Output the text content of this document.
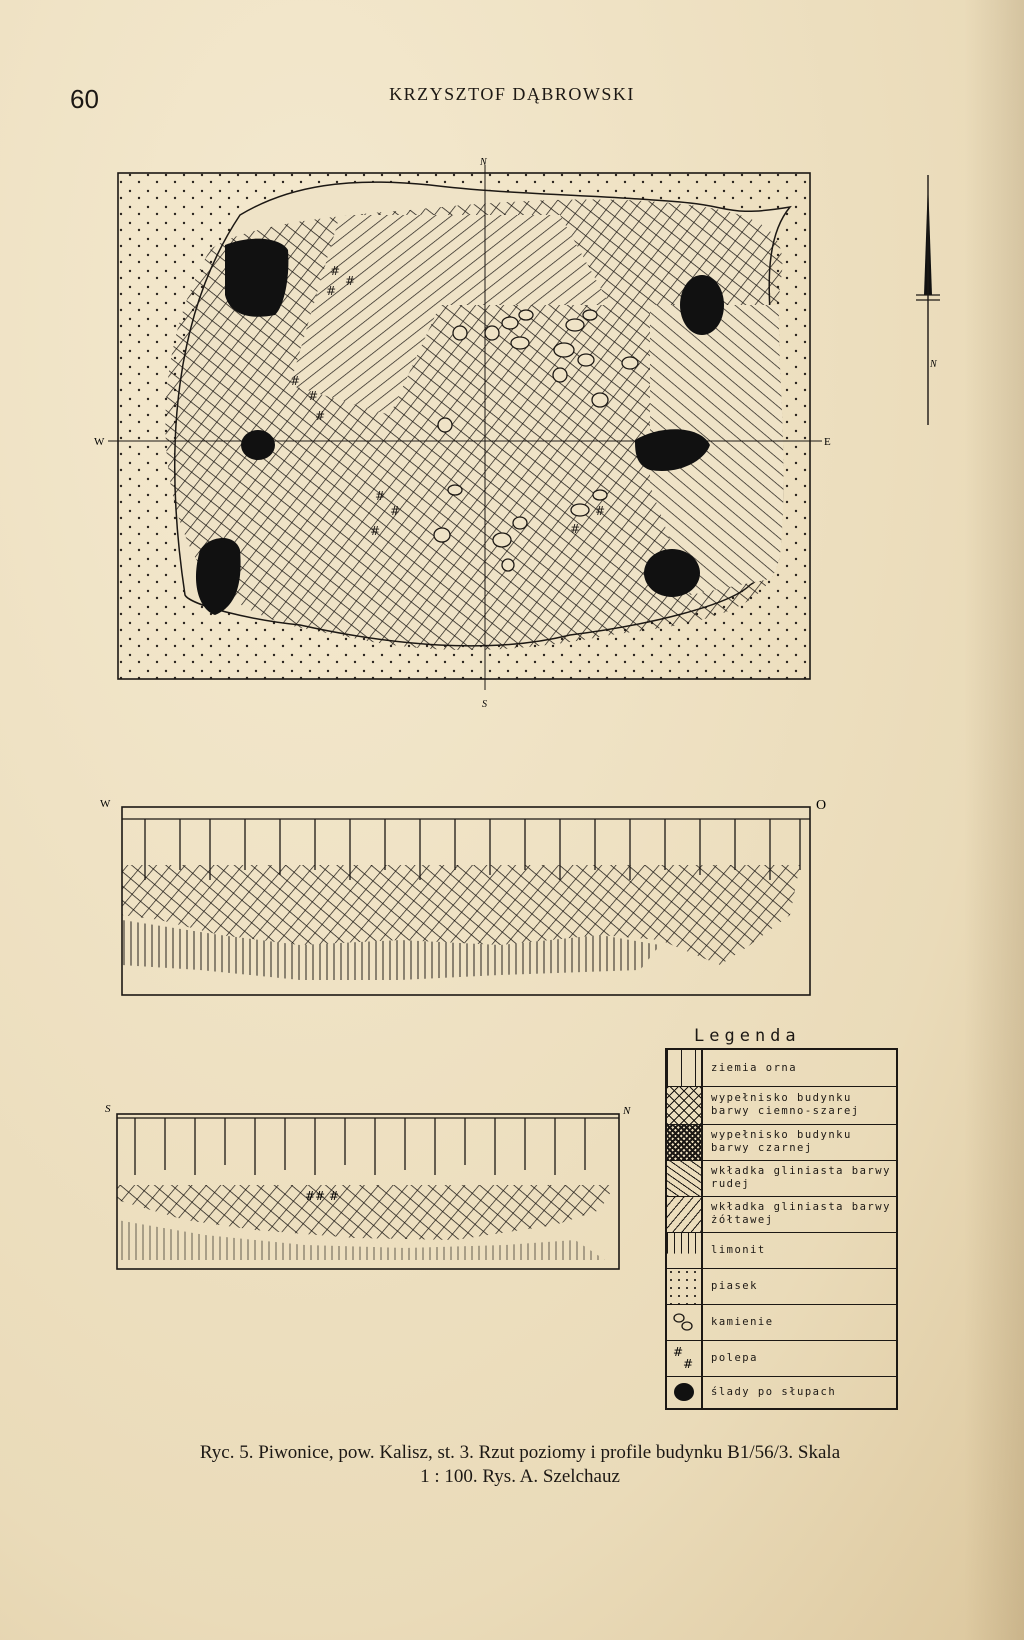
60	KRZYSZTOF DĄBROWSKI
#
#
#
#
#
#
#
#
#	#
#
N
S
W	E
N
W	O
## #
S	N
Legenda
ziemia orna
wypełnisko budynku barwy ciemno-szarej
wypełnisko budynku barwy czarnej
wkładka gliniasta barwy rudej
wkładka gliniasta barwy żółtawej
limonit
piasek
kamienie
#
#	polepa
ślady po słupach
Ryc. 5. Piwonice, pow. Kalisz, st. 3. Rzut poziomy i profile budynku B1/56/3. Skala
1 : 100. Rys. A. Szelchauz
